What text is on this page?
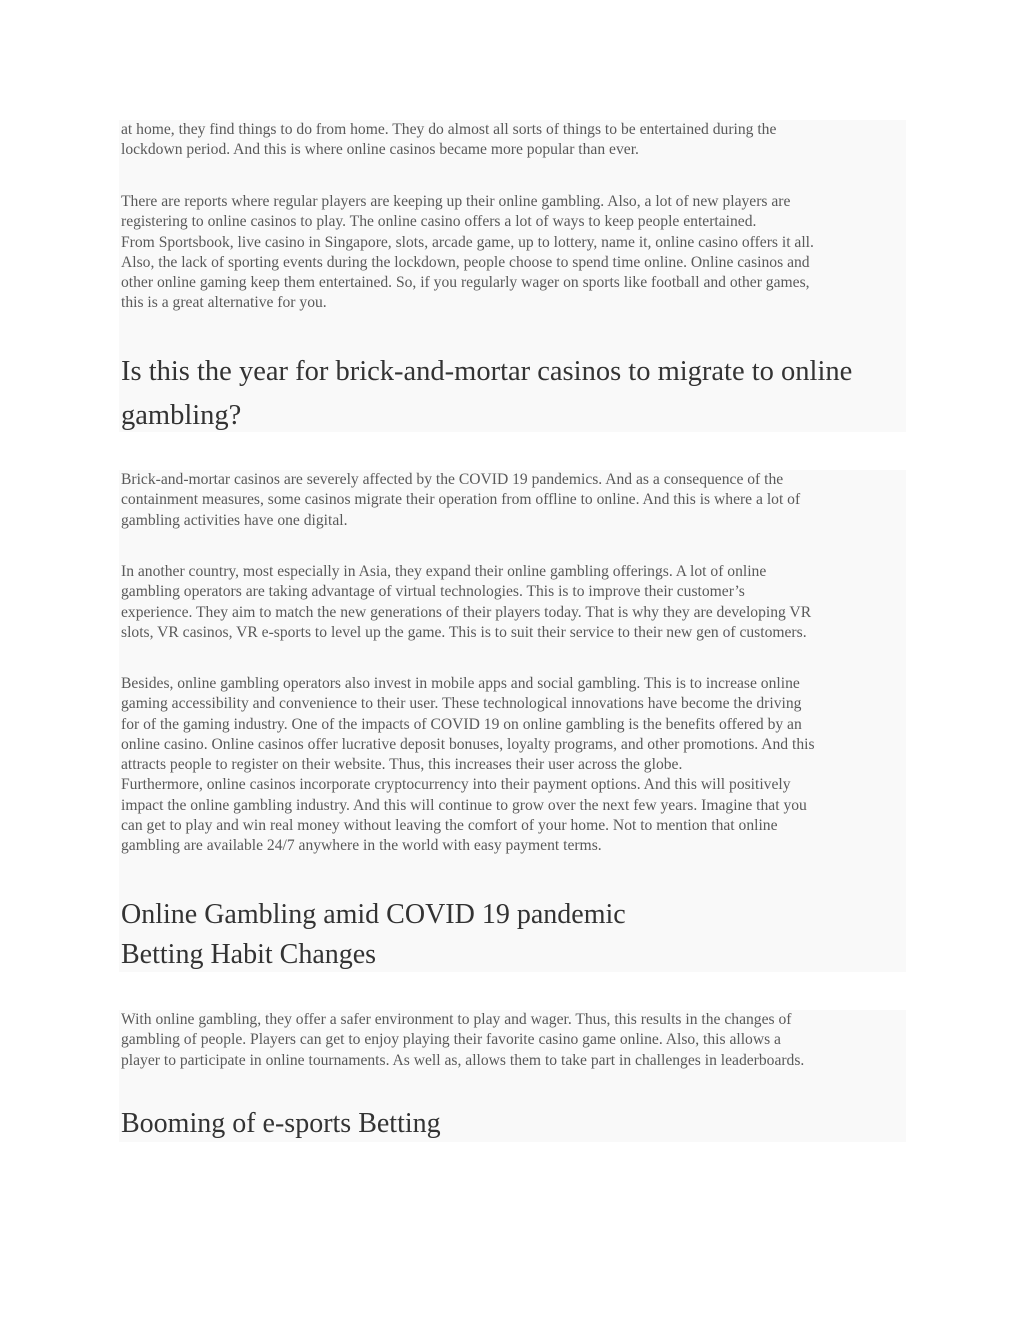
at home, they find things to do from home. They do almost all sorts of things to be entertained during the
lockdown period. And this is where online casinos became more popular than ever.

There are reports where regular players are keeping up their online gambling. Also, a lot of new players are
registering to online casinos to play. The online casino offers a lot of ways to keep people entertained.
From Sportsbook, live casino in Singapore, slots, arcade game, up to lottery, name it, online casino offers it all.
Also, the lack of sporting events during the lockdown, people choose to spend time online. Online casinos and
other online gaming keep them entertained. So, if you regularly wager on sports like football and other games,
this is a great alternative for you.

Is this the year for brick-and-mortar casinos to migrate to online
gambling?

Brick-and-mortar casinos are severely affected by the COVID 19 pandemics. And as a consequence of the
containment measures, some casinos migrate their operation from offline to online. And this is where a lot of
gambling activities have one digital.

In another country, most especially in Asia, they expand their online gambling offerings. A lot of online
gambling operators are taking advantage of virtual technologies. This is to improve their customer’s
experience. They aim to match the new generations of their players today. That is why they are developing VR
slots, VR casinos, VR e-sports to level up the game. This is to suit their service to their new gen of customers.

Besides, online gambling operators also invest in mobile apps and social gambling. This is to increase online
gaming accessibility and convenience to their user. These technological innovations have become the driving
for of the gaming industry. One of the impacts of COVID 19 on online gambling is the benefits offered by an
online casino. Online casinos offer lucrative deposit bonuses, loyalty programs, and other promotions. And this
attracts people to register on their website. Thus, this increases their user across the globe.
Furthermore, online casinos incorporate cryptocurrency into their payment options. And this will positively
impact the online gambling industry. And this will continue to grow over the next few years. Imagine that you
can get to play and win real money without leaving the comfort of your home. Not to mention that online
gambling are available 24/7 anywhere in the world with easy payment terms.

Online Gambling amid COVID 19 pandemic
Betting Habit Changes

With online gambling, they offer a safer environment to play and wager. Thus, this results in the changes of
gambling of people. Players can get to enjoy playing their favorite casino game online. Also, this allows a
player to participate in online tournaments. As well as, allows them to take part in challenges in leaderboards.

Booming of e-sports Betting
